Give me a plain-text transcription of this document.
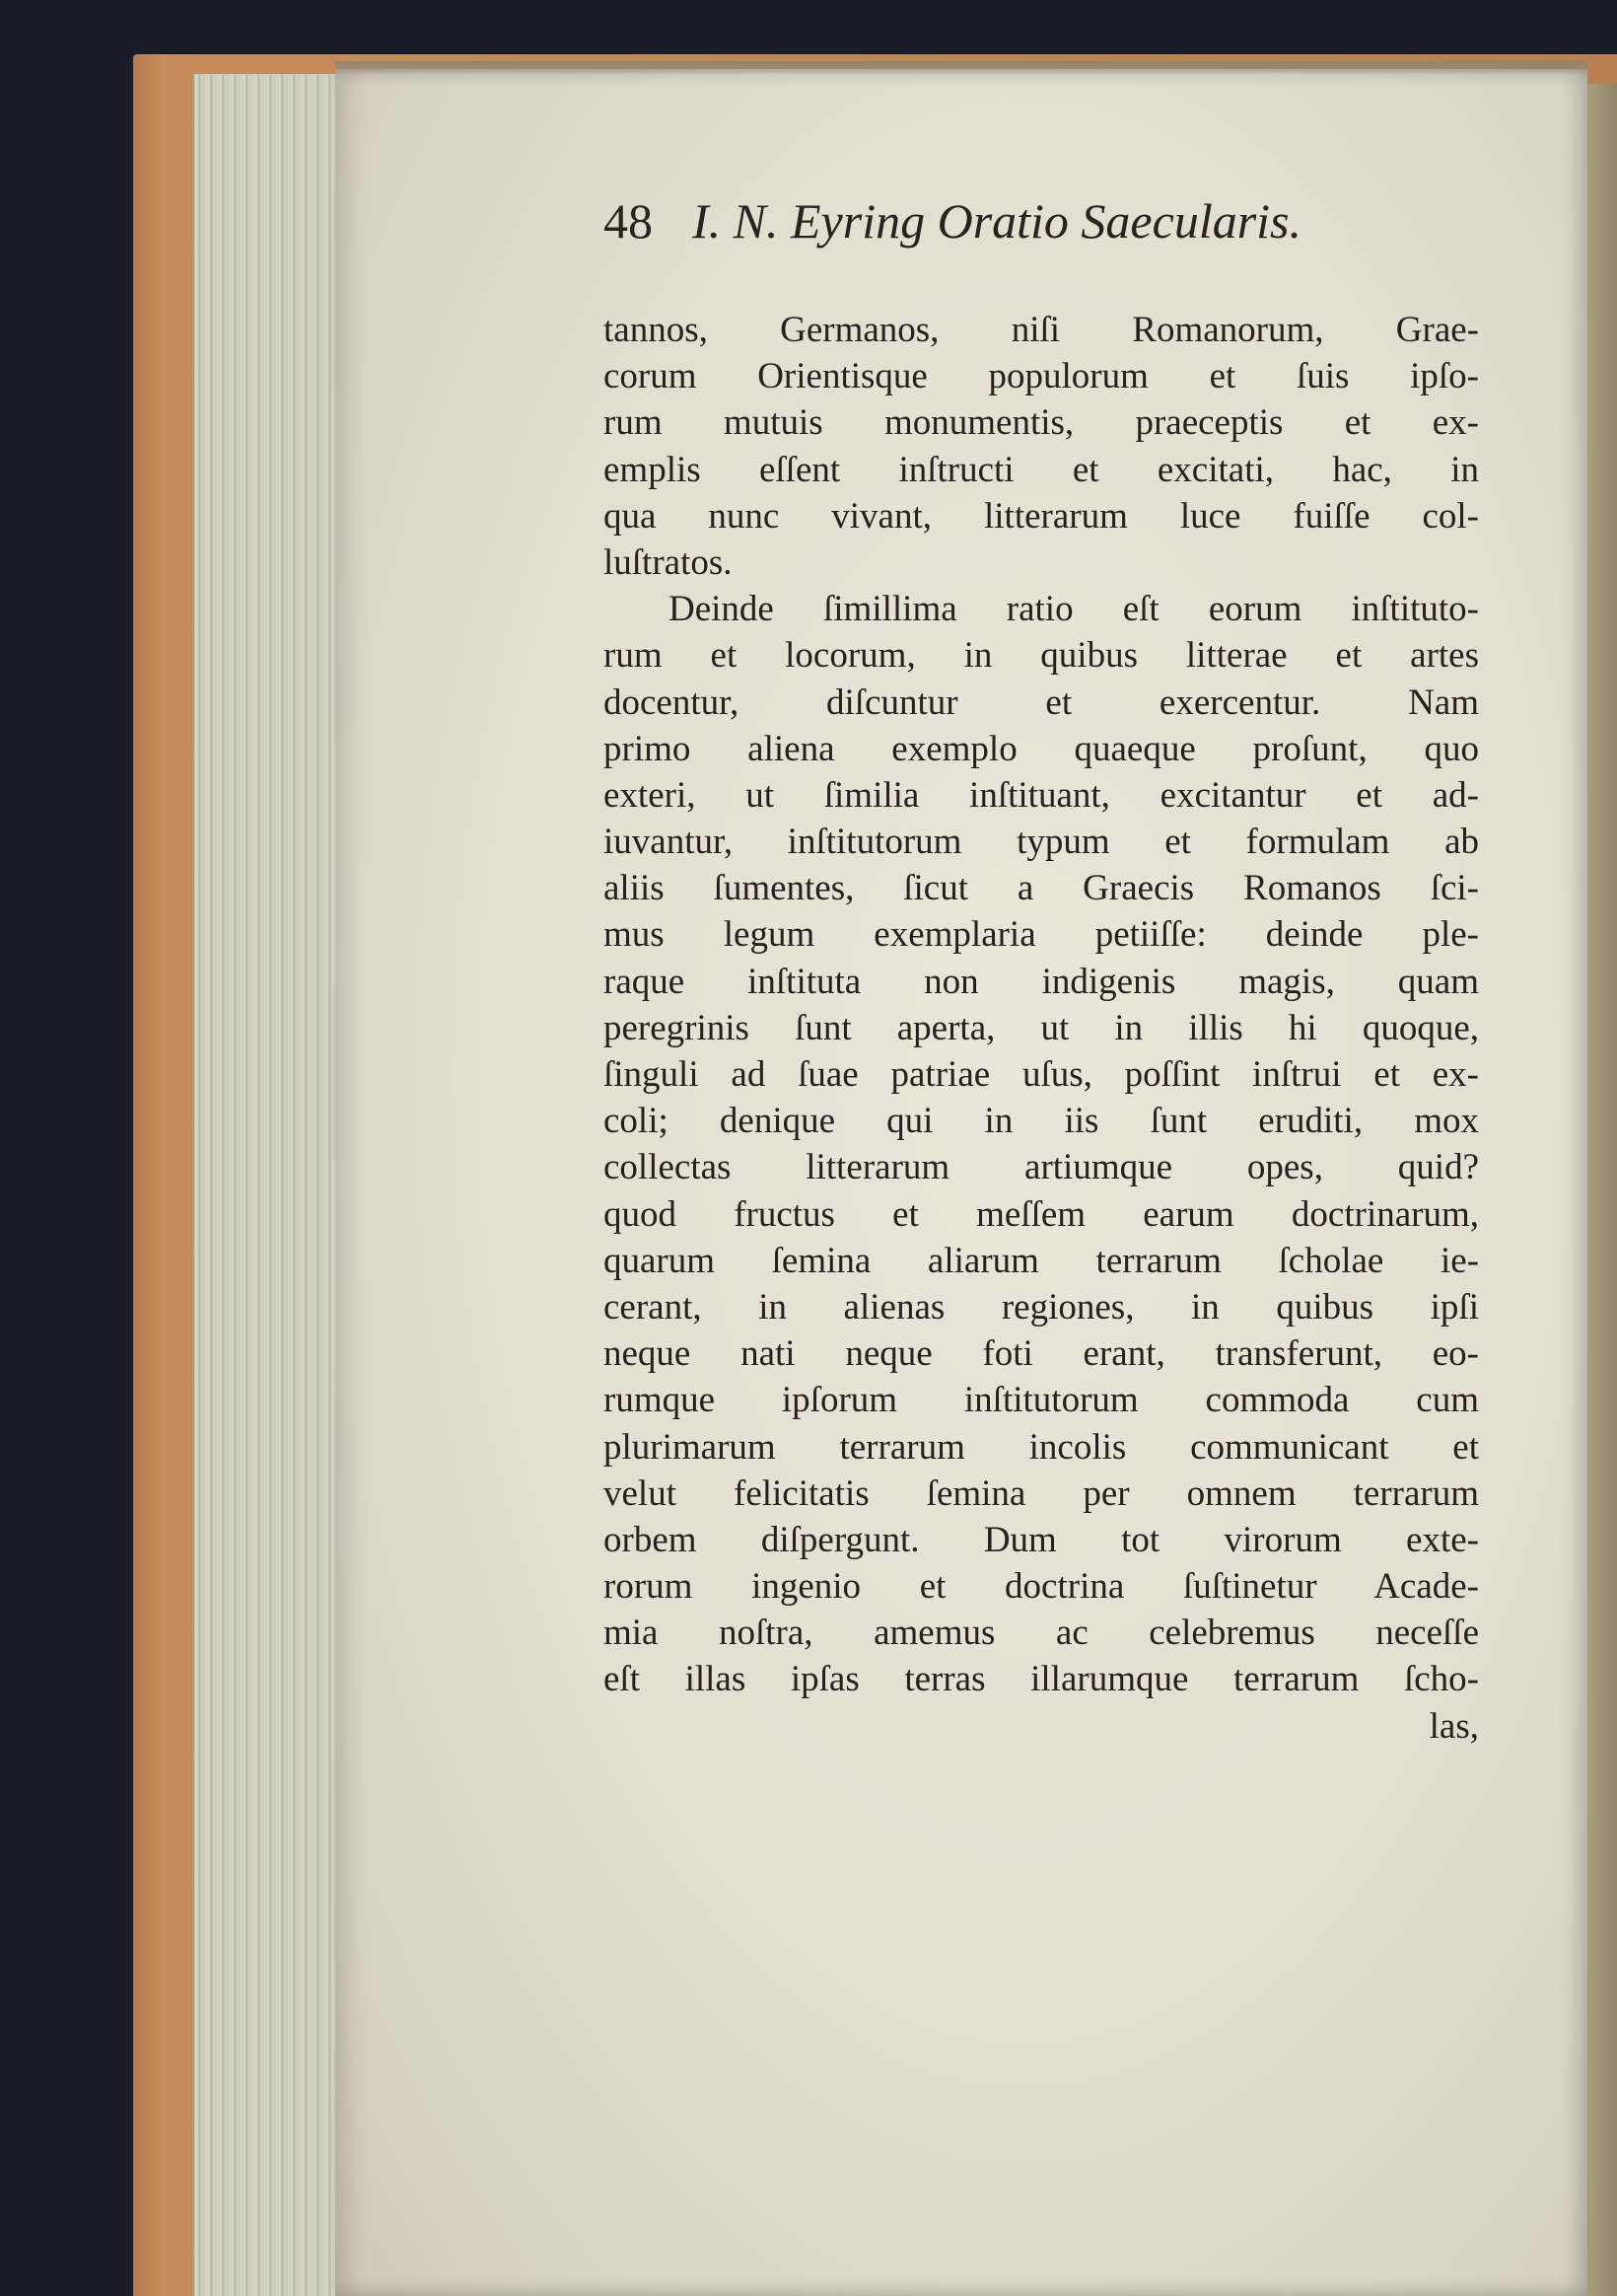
48 I. N. Eyring Oratio Saecularis.
tannos, Germanos, niſi Romanorum, Grae-
corum Orientisque populorum et ſuis ipſo-
rum mutuis monumentis, praeceptis et ex-
emplis eſſent inſtructi et excitati, hac, in
qua nunc vivant, litterarum luce fuiſſe col-
luſtratos.
Deinde ſimillima ratio eſt eorum inſtituto-
rum et locorum, in quibus litterae et artes
docentur, diſcuntur et exercentur. Nam
primo aliena exemplo quaeque proſunt, quo
exteri, ut ſimilia inſtituant, excitantur et ad-
iuvantur, inſtitutorum typum et formulam ab
aliis ſumentes, ſicut a Graecis Romanos ſci-
mus legum exemplaria petiiſſe: deinde ple-
raque inſtituta non indigenis magis, quam
peregrinis ſunt aperta, ut in illis hi quoque,
ſinguli ad ſuae patriae uſus, poſſint inſtrui et ex-
coli; denique qui in iis ſunt eruditi, mox
collectas litterarum artiumque opes, quid?
quod fructus et meſſem earum doctrinarum,
quarum ſemina aliarum terrarum ſcholae ie-
cerant, in alienas regiones, in quibus ipſi
neque nati neque foti erant, transferunt, eo-
rumque ipſorum inſtitutorum commoda cum
plurimarum terrarum incolis communicant et
velut felicitatis ſemina per omnem terrarum
orbem diſpergunt. Dum tot virorum exte-
rorum ingenio et doctrina ſuſtinetur Acade-
mia noſtra, amemus ac celebremus neceſſe
eſt illas ipſas terras illarumque terrarum ſcho-
las,
